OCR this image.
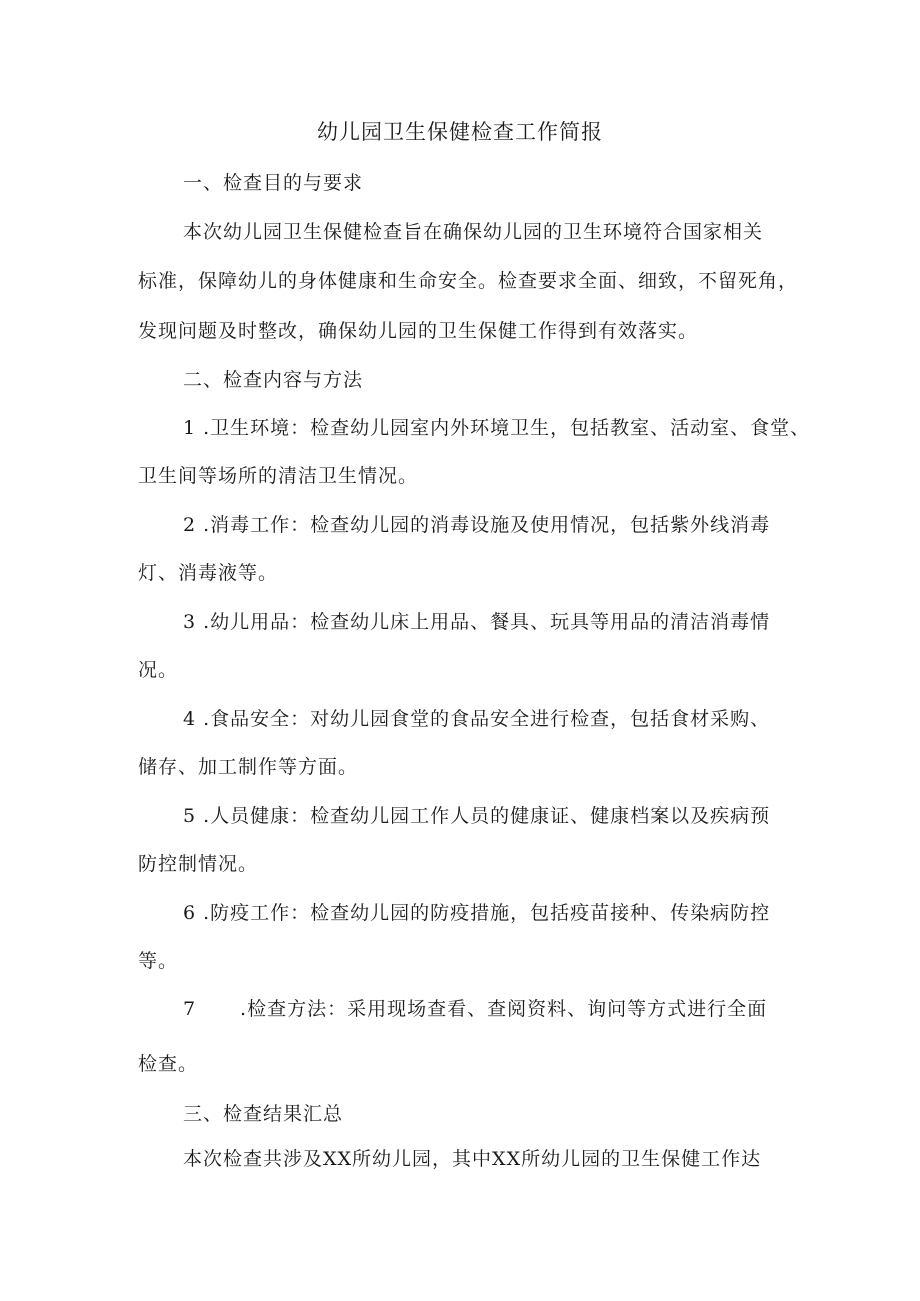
幼儿园卫生保健检查工作简报
一、检查目的与要求
本次幼儿园卫生保健检查旨在确保幼儿园的卫生环境符合国家相关
标准，保障幼儿的身体健康和生命安全。检查要求全面、细致，不留死角，
发现问题及时整改，确保幼儿园的卫生保健工作得到有效落实。
二、检查内容与方法
1 .卫生环境：检查幼儿园室内外环境卫生，包括教室、活动室、食堂、
卫生间等场所的清洁卫生情况。
2 .消毒工作：检查幼儿园的消毒设施及使用情况，包括紫外线消毒
灯、消毒液等。
3 .幼儿用品：检查幼儿床上用品、餐具、玩具等用品的清洁消毒情
况。
4 .食品安全：对幼儿园食堂的食品安全进行检查，包括食材采购、
储存、加工制作等方面。
5 .人员健康：检查幼儿园工作人员的健康证、健康档案以及疾病预
防控制情况。
6 .防疫工作：检查幼儿园的防疫措施，包括疫苗接种、传染病防控
等。
7 .检查方法：采用现场查看、查阅资料、询问等方式进行全面
检查。
三、检查结果汇总
本次检查共涉及XX所幼儿园，其中XX所幼儿园的卫生保健工作达
